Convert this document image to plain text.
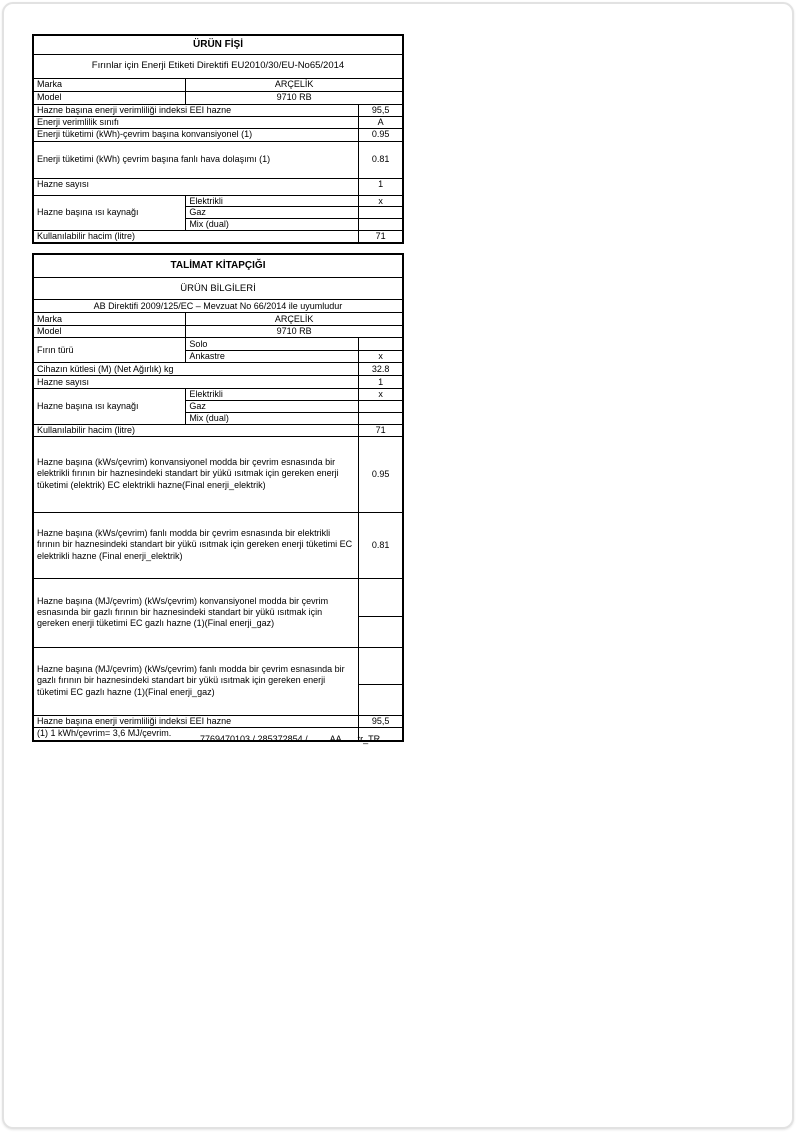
ÜRÜN FİŞİ		
Fırınlar için Enerji Etiketi Direktifi EU2010/30/EU-No65/2014		
Marka	ARÇELİK	
Model	9710 RB	
Hazne başına enerji verimliliği indeksi EEI hazne		95,5
Enerji verimlilik sınıfı		A
Enerji tüketimi (kWh)-çevrim başına konvansiyonel (1)		0.95
Enerji tüketimi (kWh) çevrim başına fanlı hava dolaşımı (1)		0.81
Hazne sayısı		1
Hazne başına ısı kaynağı	Elektrikli	x
	Gaz	
	Mix (dual)	
Kullanılabilir hacim (litre)		71
TALİMAT KİTAPÇIĞI		
ÜRÜN BİLGİLERİ		
AB Direktifi 2009/125/EC – Mevzuat No 66/2014 ile uyumludur		
Marka	ARÇELİK	
Model	9710 RB	
Fırın türü	Solo	
	Ankastre	x
Cihazın kütlesi (M) (Net Ağırlık) kg		32.8
Hazne sayısı		1
Hazne başına ısı kaynağı	Elektrikli	x
	Gaz	
	Mix (dual)	
Kullanılabilir hacim (litre)		71
Hazne başına (kWs/çevrim) konvansiyonel modda bir çevrim esnasında bir elektrikli fırının bir haznesindeki standart bir yükü ısıtmak için gereken enerji tüketimi (elektrik) EC elektrikli hazne(Final enerji_elektrik)		0.95
Hazne başına (kWs/çevrim) fanlı modda bir çevrim esnasında bir elektrikli fırının bir haznesindeki standart bir yükü ısıtmak için gereken enerji tüketimi EC elektrikli hazne (Final enerji_elektrik)		0.81
Hazne başına (MJ/çevrim) (kWs/çevrim) konvansiyonel modda bir çevrim esnasında bir gazlı fırının bir haznesindeki standart bir yükü ısıtmak için gereken enerji tüketimi EC gazlı hazne (1)(Final enerji_gaz)		

Hazne başına (MJ/çevrim) (kWs/çevrim) fanlı modda bir çevrim esnasında bir gazlı fırının bir haznesindeki standart bir yükü ısıtmak için gereken enerji tüketimi EC gazlı hazne (1)(Final enerji_gaz)		

Hazne başına enerji verimliliği indeksi EEI hazne		95,5
(1) 1 kWh/çevrim= 3,6 MJ/çevrim.		
7769470103 / 285372854 / AA tr_TR
